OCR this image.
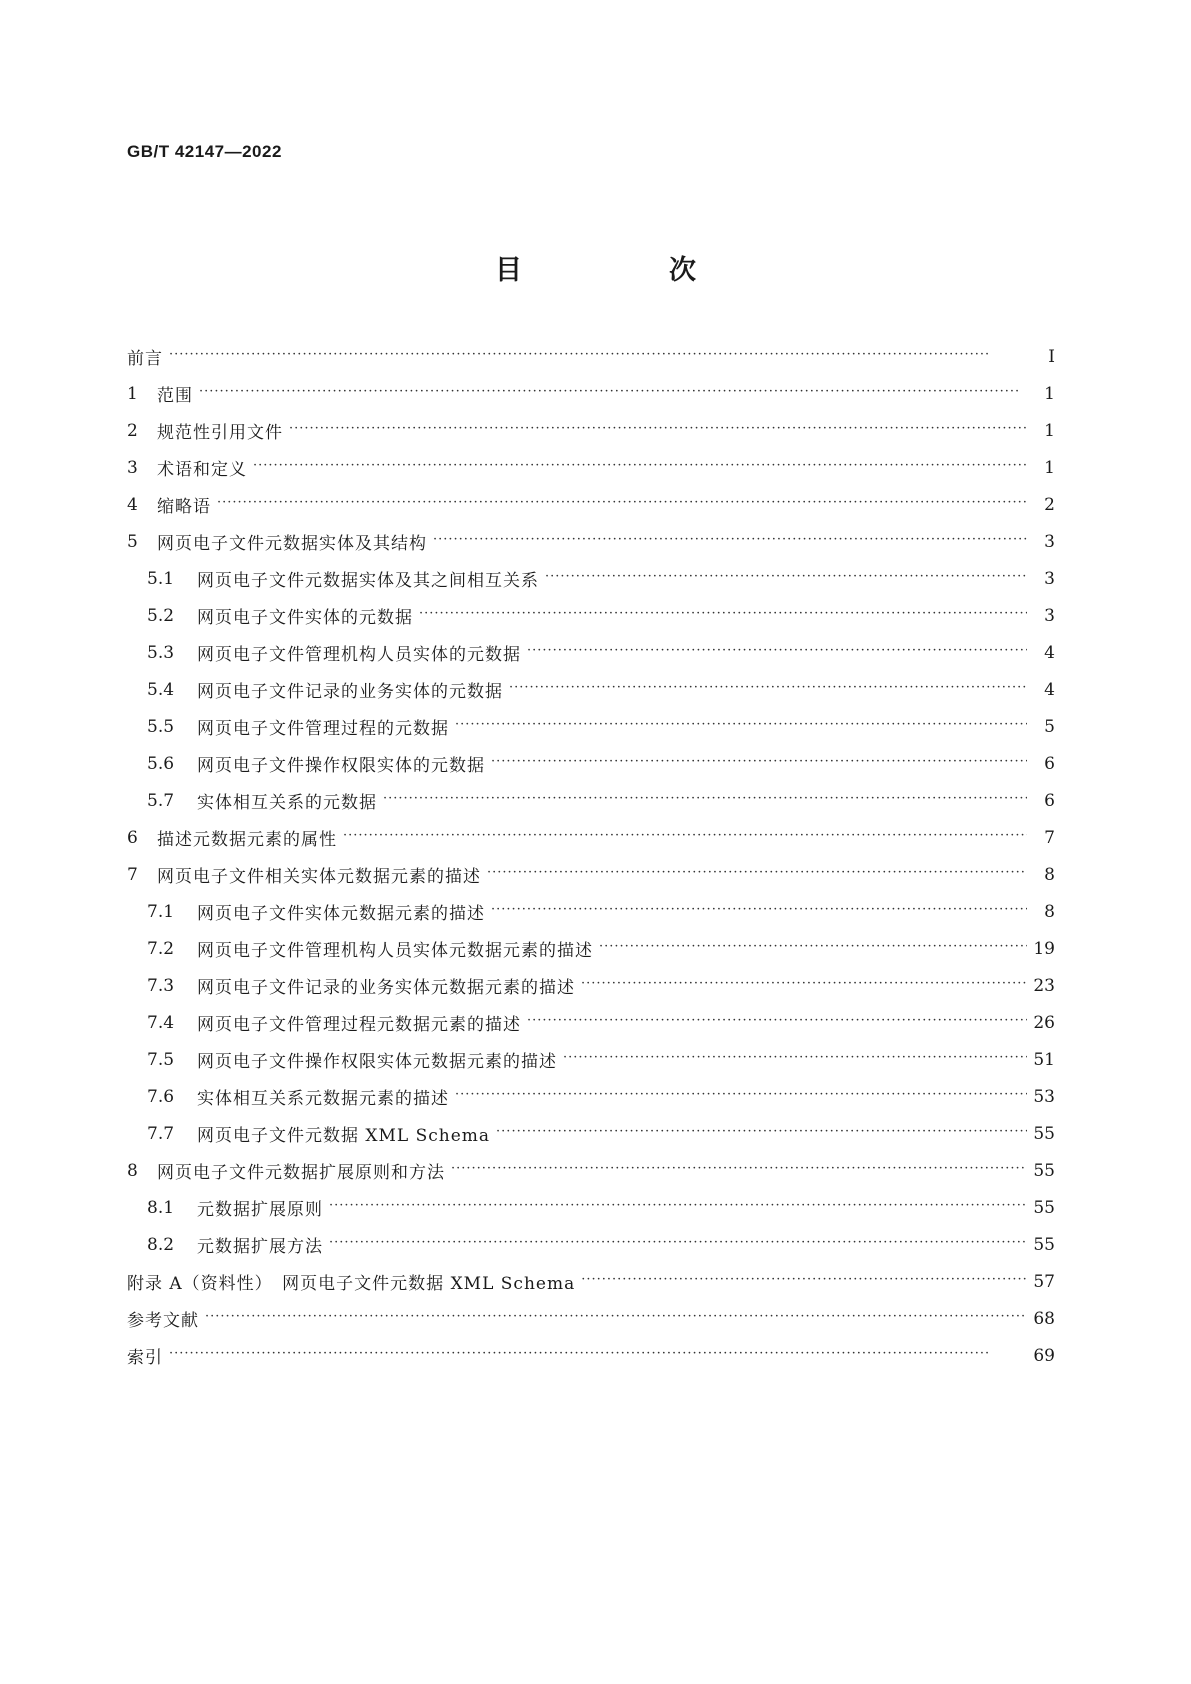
GB/T 42147—2022
目　次
前言 ·····	Ⅰ
1	范围 ·····	1
2	规范性引用文件 ·····	1
3	术语和定义 ·····	1
4	缩略语 ·····	2
5	网页电子文件元数据实体及其结构 ·····	3
5.1	网页电子文件元数据实体及其之间相互关系 ·····	3
5.2	网页电子文件实体的元数据 ·····	3
5.3	网页电子文件管理机构人员实体的元数据 ·····	4
5.4	网页电子文件记录的业务实体的元数据 ·····	4
5.5	网页电子文件管理过程的元数据 ·····	5
5.6	网页电子文件操作权限实体的元数据 ·····	6
5.7	实体相互关系的元数据 ·····	6
6	描述元数据元素的属性 ·····	7
7	网页电子文件相关实体元数据元素的描述 ·····	8
7.1	网页电子文件实体元数据元素的描述 ·····	8
7.2	网页电子文件管理机构人员实体元数据元素的描述 ·····	19
7.3	网页电子文件记录的业务实体元数据元素的描述 ·····	23
7.4	网页电子文件管理过程元数据元素的描述 ·····	26
7.5	网页电子文件操作权限实体元数据元素的描述 ·····	51
7.6	实体相互关系元数据元素的描述 ·····	53
7.7	网页电子文件元数据 XML Schema ·····	55
8	网页电子文件元数据扩展原则和方法 ·····	55
8.1	元数据扩展原则 ·····	55
8.2	元数据扩展方法 ·····	55
附录 A（资料性）　网页电子文件元数据 XML Schema ·····	57
参考文献 ·····	68
索引 ·····	69
